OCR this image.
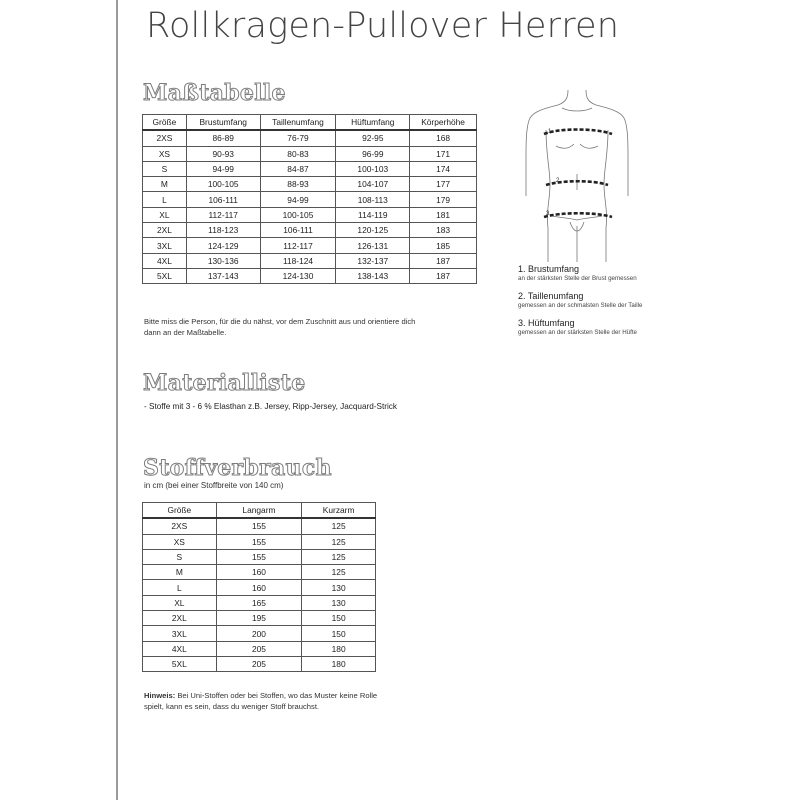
Rollkragen-Pullover Herren
Maßtabelle
Größe	Brustumfang	Taillenumfang	Hüftumfang	Körperhöhe
2XS	86-89	76-79	92-95	168
XS	90-93	80-83	96-99	171
S	94-99	84-87	100-103	174
M	100-105	88-93	104-107	177
L	106-111	94-99	108-113	179
XL	112-117	100-105	114-119	181
2XL	118-123	106-111	120-125	183
3XL	124-129	112-117	126-131	185
4XL	130-136	118-124	132-137	187
5XL	137-143	124-130	138-143	187
Bitte miss die Person, für die du nähst, vor dem Zuschnitt aus und orientiere dich
dann an der Maßtabelle.
1
2
3
1. Brustumfang
an der stärksten Stelle der Brust gemessen
2. Taillenumfang
gemessen an der schmalsten Stelle der Taille
3. Hüftumfang
gemessen an der stärksten Stelle der Hüfte
Materialliste
- Stoffe mit 3 - 6 % Elasthan z.B. Jersey, Ripp-Jersey, Jacquard-Strick
Stoffverbrauch
in cm (bei einer Stoffbreite von 140 cm)
Größe	Langarm	Kurzarm
2XS	155	125
XS	155	125
S	155	125
M	160	125
L	160	130
XL	165	130
2XL	195	150
3XL	200	150
4XL	205	180
5XL	205	180
Hinweis: Bei Uni-Stoffen oder bei Stoffen, wo das Muster keine Rolle
spielt, kann es sein, dass du weniger Stoff brauchst.
